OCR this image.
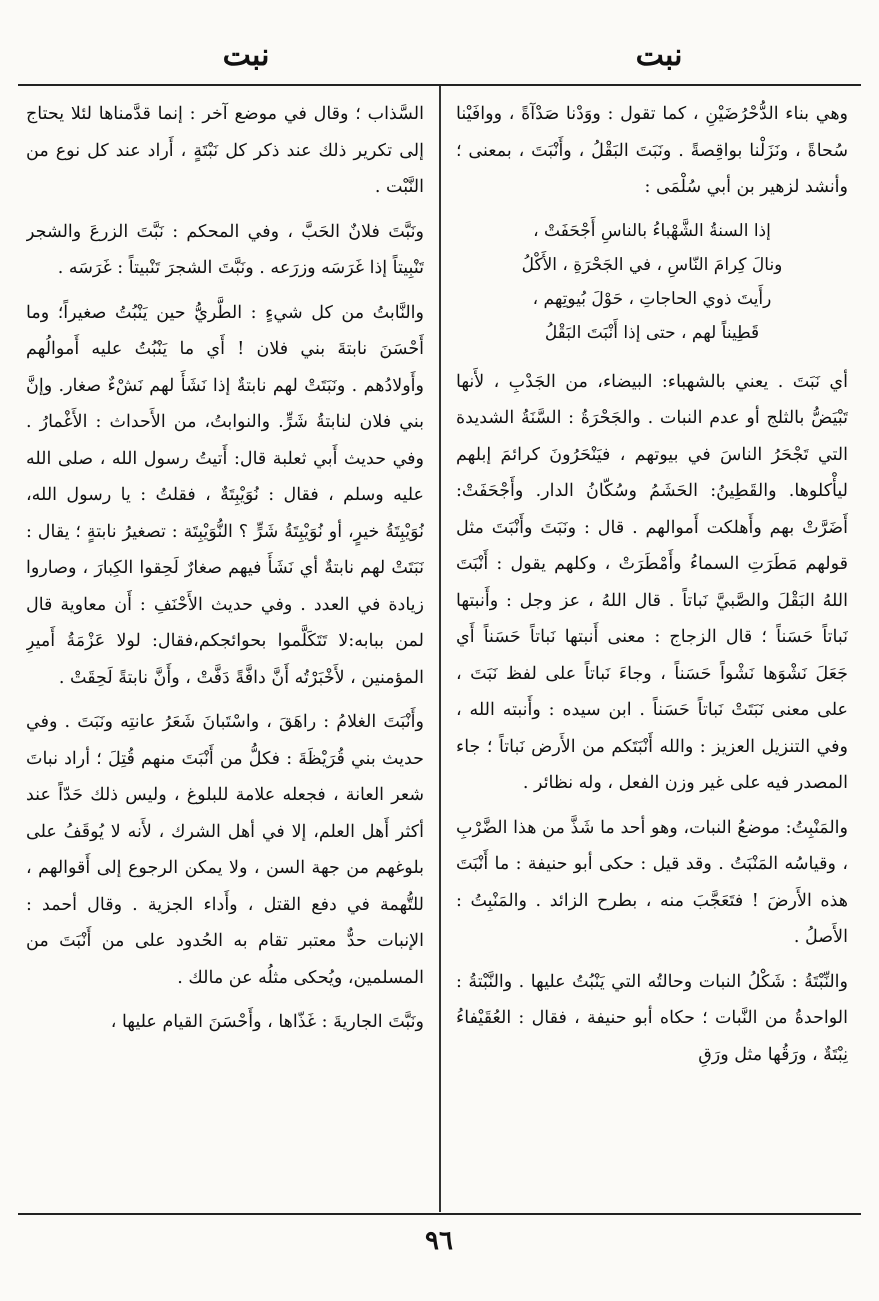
نبت	نبت

وهي بناء الدُّحْرُضَيْنِ ، كما تقول : ووَدْنا صَدْآةً ، ووافَيْنا سُحاةً ، ونَزَلْنا بواقِصةً . ونَبَتَ البَقْلُ ، وأَنْبَتَ ، بمعنى ؛ وأنشد لزهير بن أبي سُلْمَى :

إذا السنةُ الشَّهْباءُ بالناسِ أَجْحَفَتْ ،
ونالَ كِرامَ النّاسِ ، في الجَحْرَةِ ، الأَكْلُ
رأَيتَ ذوي الحاجاتِ ، حَوْلَ بُيوتِهم ،
قَطِيناً لهم ، حتى إذا أَنْبَتَ البَقْلُ

أي نَبَتَ . يعني بالشهباء: البيضاء، من الجَدْبِ ، لأَنها تَبْيَضُّ بالثلج أو عدم النبات . والجَحْرَةُ : السَّنَةُ الشديدة التي تَجْحَرُ الناسَ في بيوتهم ، فيَنْحَرُونَ كرائمَ إبلهم ليأْكلوها. والقَطِينُ: الحَشَمُ وسُكّانُ الدار. وأَجْحَفَتْ: أَضَرَّتْ بهم وأَهلكت أَموالهم . قال : ونَبَتَ وأَنْبَتَ مثل قولهم مَطَرَتِ السماءُ وأَمْطَرَتْ ، وكلهم يقول : أَنْبَتَ اللهُ البَقْلَ والصَّبيَّ نَباتاً . قال اللهُ ، عز وجل : وأَنبتها نَباتاً حَسَناً ؛ قال الزجاج : معنى أَنبتها نَباتاً حَسَناً أَي جَعَلَ نَشْوَها نَشْواً حَسَناً ، وجاءَ نَباتاً على لفظ نَبَتَ ، على معنى نَبَتَتْ نَباتاً حَسَناً . ابن سيده : وأَنبته الله ، وفي التنزيل العزيز : والله أَنْبَتَكم من الأَرض نَباتاً ؛ جاء المصدر فيه على غير وزن الفعل ، وله نظائر .

والمَنْبِتُ: موضعُ النبات، وهو أحد ما شَذَّ من هذا الضَّرْبِ ، وقياسُه المَنْبَتُ . وقد قيل : حكى أبو حنيفة : ما أَنْبَتَ هذه الأَرضَ ! فتَعَجَّبَ منه ، بطرح الزائد . والمَنْبِتُ : الأَصلُ .

والنِّبْتَةُ : شَكْلُ النبات وحالتُه التي يَنْبُتُ عليها . والنَّبْتةُ : الواحدةُ من النَّبات ؛ حكاه أبو حنيفة ، فقال : العُقَيْفاءُ نِبْتَةٌ ، ورَقُها مثل ورَقِ

السَّذاب ؛ وقال في موضع آخر : إنما قدَّمناها لئلا يحتاج إلى تكرير ذلك عند ذكر كل نَبْتَةٍ ، أَراد عند كل نوع من النَّبْت .

ونَبَّتَ فلانٌ الحَبَّ ، وفي المحكم : نَبَّتَ الزرعَ والشجر تَنْبِيتاً إذا غَرَسَه وزرَعه . ونَبَّتَ الشجرَ تَنْبيتاً : غَرَسَه .

والنَّابتُ من كل شيءٍ : الطَّريُّ حين يَنْبُتُ صغيراً؛ وما أَحْسَنَ نابتةَ بني فلان ! أَي ما يَنْبُتُ عليه أَموالُهم وأَولادُهم . ونَبَتَتْ لهم نابتةٌ إذا نَشَأَ لهم نَشْءٌ صغار. وإنَّ بني فلان لنابتةُ شَرٍّ. والنوابتُ، من الأَحداث : الأَغْمارُ . وفي حديث أَبي ثعلبة قال: أَتيتُ رسول الله ، صلى الله عليه وسلم ، فقال : نُوَيْبِتَةٌ ، فقلتُ : يا رسول الله، نُوَيْبِتَةُ خيرٍ، أو نُوَيْبِتَةُ شَرٍّ ؟ النُّوَيْبِتَة : تصغيرُ نابتةٍ ؛ يقال : نَبَتَتْ لهم نابتةٌ أي نَشَأَ فيهم صغارٌ لَحِقوا الكِبارَ ، وصاروا زيادة في العدد . وفي حديث الأَحْنَفِ : أَن معاوية قال لمن ببابه:لا تَتَكَلَّموا بحوائجكم،فقال: لولا عَزْمَةُ أَميرِ المؤمنين ، لأَخْبَرْتُه أَنَّ دافَّةً دَفَّتْ ، وأَنَّ نابتةً لَحِقَتْ .

وأَنْبَتَ الغلامُ : راهَقَ ، واسْتَبانَ شَعَرُ عانتِه ونَبَتَ . وفي حديث بني قُرَيْظَةَ : فكلُّ من أَنْبَتَ منهم قُتِلَ ؛ أراد نباتَ شعر العانة ، فجعله علامة للبلوغ ، وليس ذلك حَدّاً عند أكثر أَهل العلم، إلا في أهل الشرك ، لأَنه لا يُوقَفُ على بلوغهم من جهة السن ، ولا يمكن الرجوع إلى أَقوالهم ، للتُّهمة في دفع القتل ، وأَداء الجزية . وقال أحمد : الإنبات حدٌّ معتبر تقام به الحُدود على من أَنْبَتَ من المسلمين، ويُحكى مثلُه عن مالك .

ونَبَّتَ الجاريةَ : غَذّاها ، وأَحْسَنَ القيام عليها ،

٩٦
